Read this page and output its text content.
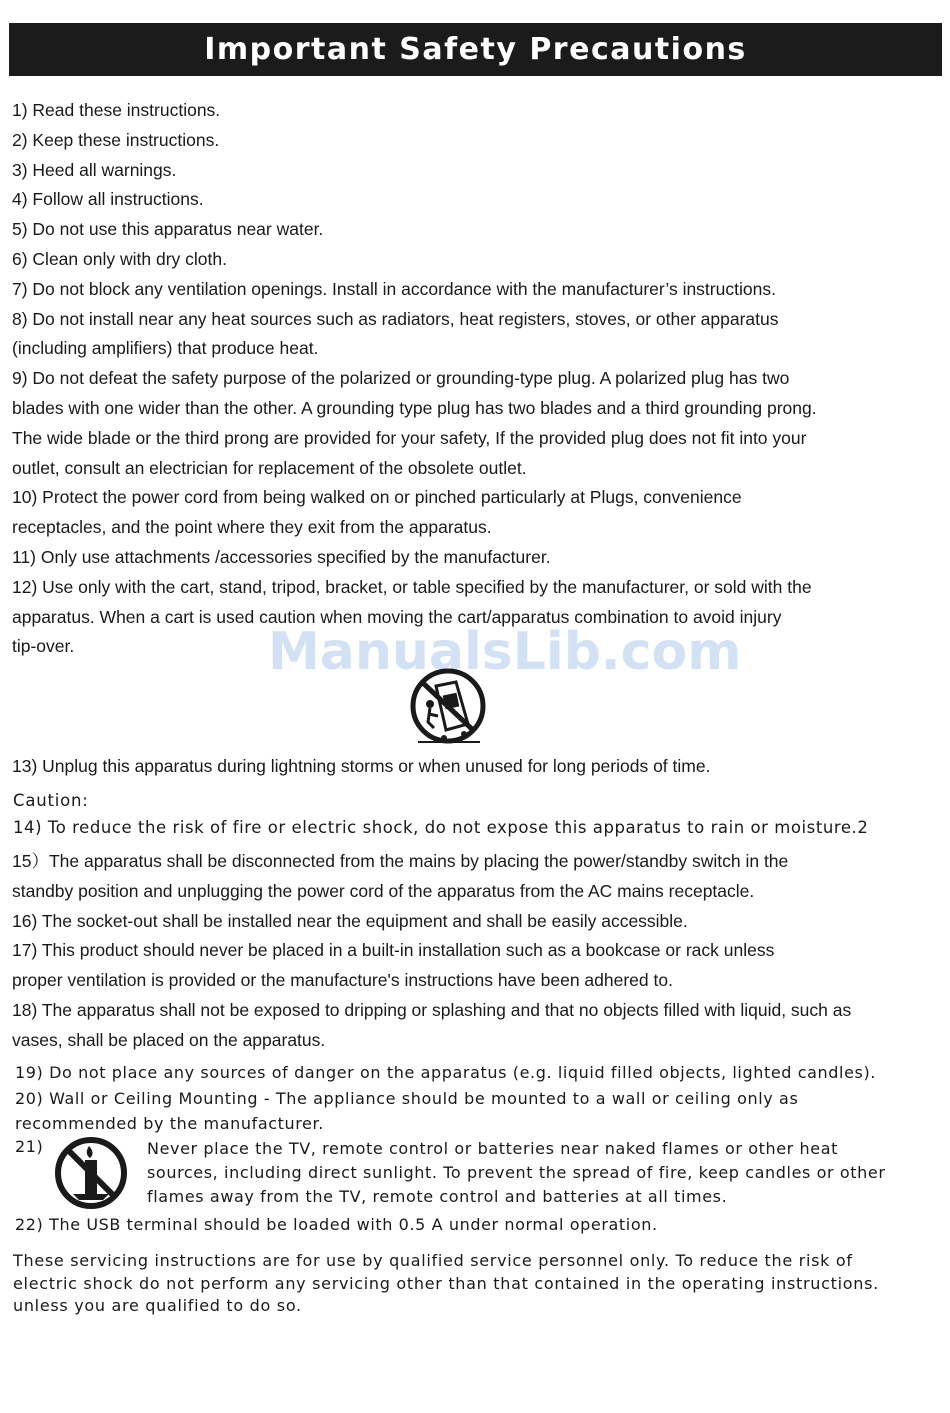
Important Safety Precautions

1) Read these instructions.

2) Keep these instructions.

3) Heed all warnings.

4) Follow all instructions.

5) Do not use this apparatus near water.

6) Clean only with dry cloth.

7) Do not block any ventilation openings. Install in accordance with the manufacturer’s instructions.

8) Do not install near any heat sources such as radiators, heat registers, stoves, or other apparatus

(including amplifiers) that produce heat.

9) Do not defeat the safety purpose of the polarized or grounding-type plug. A polarized plug has two

blades with one wider than the other. A grounding type plug has two blades and a third grounding prong.

The wide blade or the third prong are provided for your safety, If the provided plug does not fit into your

outlet, consult an electrician for replacement of the obsolete outlet.

10) Protect the power cord from being walked on or pinched particularly at Plugs, convenience

receptacles, and the point where they exit from the apparatus.

11) Only use attachments /accessories specified by the manufacturer.

12) Use only with the cart, stand, tripod, bracket, or table specified by the manufacturer, or sold with the

apparatus. When a cart is used caution when moving the cart/apparatus combination to avoid injury

tip-over.	ManualsLib.com

13) Unplug this apparatus during lightning storms or when unused for long periods of time.

Caution:
14) To reduce the risk of fire or electric shock, do not expose this apparatus to rain or moisture.2

15）The apparatus shall be disconnected from the mains by placing the power/standby switch in the

standby position and unplugging the power cord of the apparatus from the AC mains receptacle.

16) The socket-out shall be installed near the equipment and shall be easily accessible.

17) This product should never be placed in a built-in installation such as a bookcase or rack unless

proper ventilation is provided or the manufacture's instructions have been adhered to.

18) The apparatus shall not be exposed to dripping or splashing and that no objects filled with liquid, such as

vases, shall be placed on the apparatus.

19) Do not place any sources of danger on the apparatus (e.g. liquid filled objects, lighted candles).

20) Wall or Ceiling Mounting - The appliance should be mounted to a wall or ceiling only as

recommended by the manufacturer.

21)	Never place the TV, remote control or batteries near naked flames or other heat

sources, including direct sunlight. To prevent the spread of fire, keep candles or other

flames away from the TV, remote control and batteries at all times.

22) The USB terminal should be loaded with 0.5 A under normal operation.

These servicing instructions are for use by qualified service personnel only. To reduce the risk of

electric shock do not perform any servicing other than that contained in the operating instructions.

unless you are qualified to do so.
